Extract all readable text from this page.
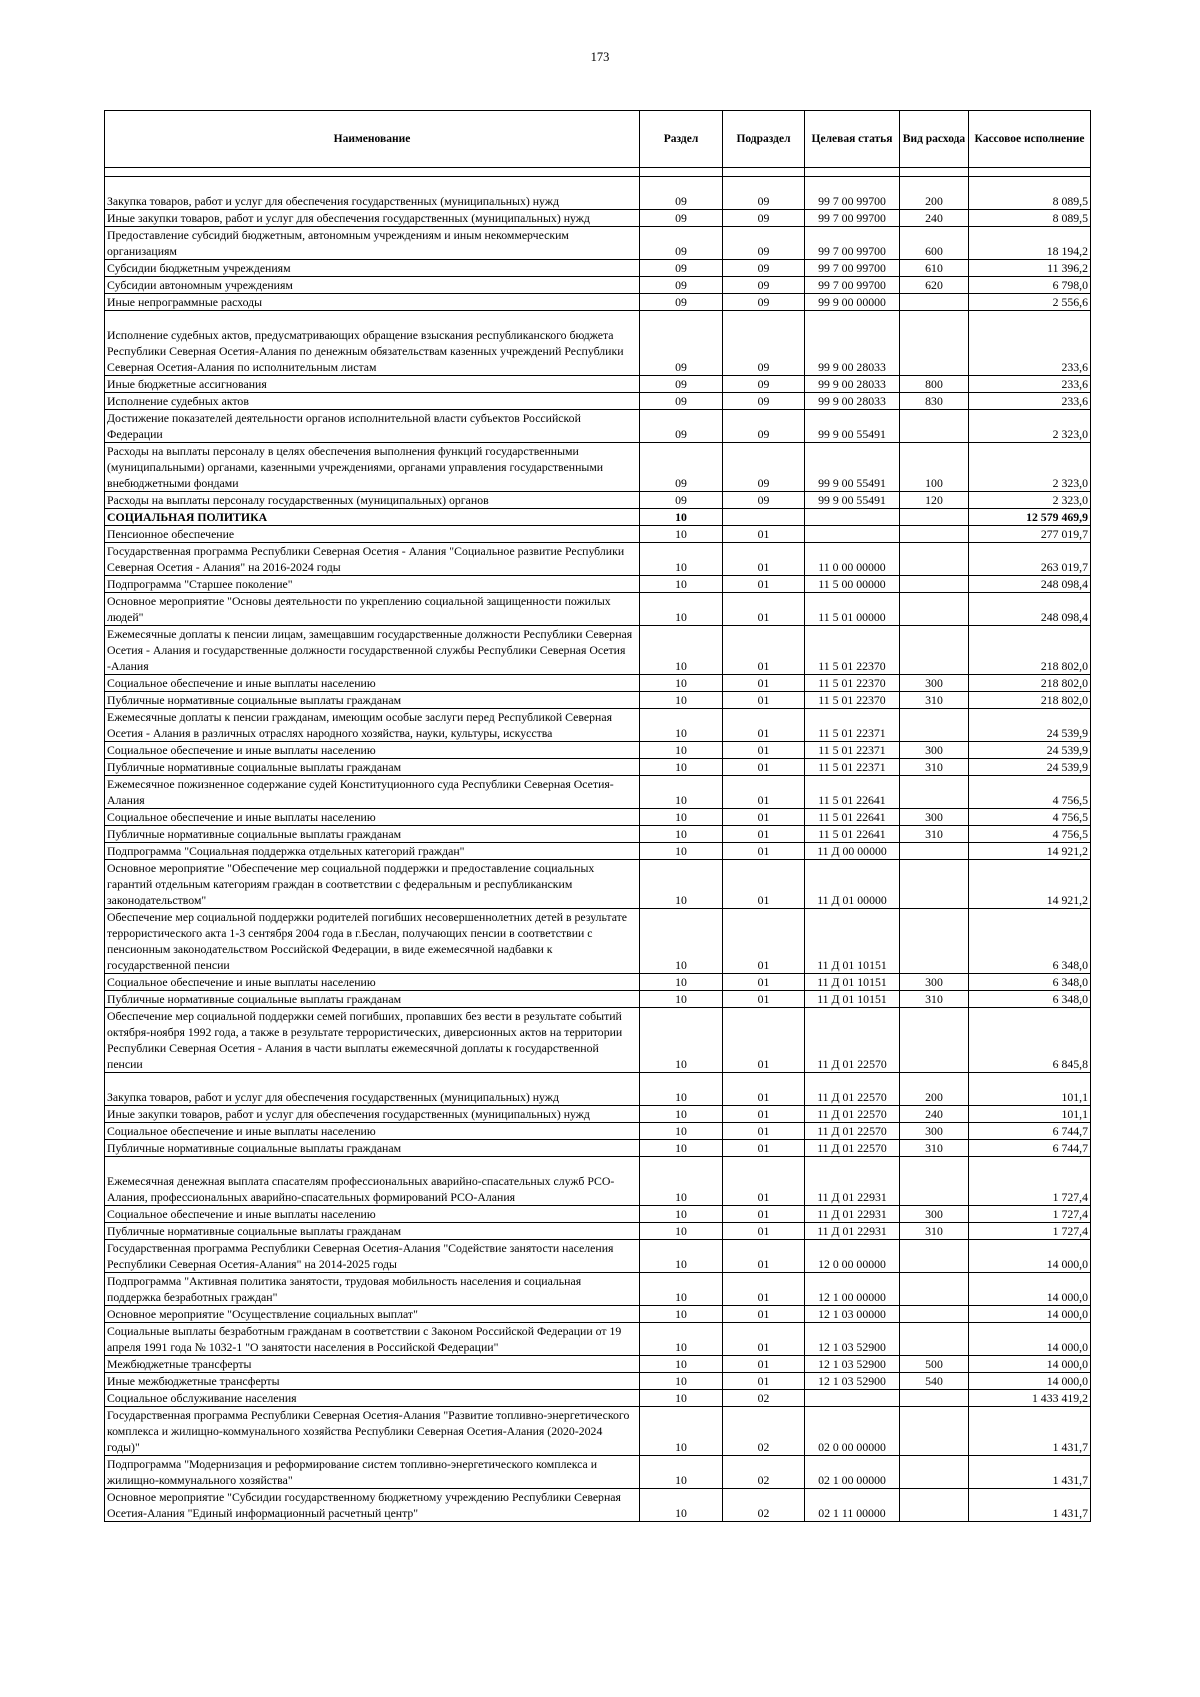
173
Наименование	Раздел	Подраздел	Целевая статья	Вид расхода	Кассовое исполнение

Закупка товаров, работ и услуг для обеспечения государственных (муниципальных) нужд	09	09	99 7 00 99700	200	8 089,5
Иные закупки товаров, работ и услуг для обеспечения государственных (муниципальных) нужд	09	09	99 7 00 99700	240	8 089,5
Предоставление субсидий бюджетным, автономным учреждениям и иным некоммерческим организациям	09	09	99 7 00 99700	600	18 194,2
Субсидии бюджетным учреждениям	09	09	99 7 00 99700	610	11 396,2
Субсидии автономным учреждениям	09	09	99 7 00 99700	620	6 798,0
Иные непрограммные расходы	09	09	99 9 00 00000		2 556,6
Исполнение судебных актов, предусматривающих обращение взыскания республиканского бюджета Республики Северная Осетия-Алания по денежным обязательствам казенных учреждений Республики Северная Осетия-Алания по исполнительным листам	09	09	99 9 00 28033		233,6
Иные бюджетные ассигнования	09	09	99 9 00 28033	800	233,6
Исполнение судебных актов	09	09	99 9 00 28033	830	233,6
Достижение показателей деятельности органов исполнительной власти субъектов Российской Федерации	09	09	99 9 00 55491		2 323,0
Расходы на выплаты персоналу в целях обеспечения выполнения функций государственными (муниципальными) органами, казенными учреждениями, органами управления государственными внебюджетными фондами	09	09	99 9 00 55491	100	2 323,0
Расходы на выплаты персоналу государственных (муниципальных) органов	09	09	99 9 00 55491	120	2 323,0
СОЦИАЛЬНАЯ ПОЛИТИКА	10				12 579 469,9
Пенсионное обеспечение	10	01			277 019,7
Государственная программа Республики Северная Осетия - Алания "Социальное развитие Республики Северная Осетия - Алания" на 2016-2024 годы	10	01	11 0 00 00000		263 019,7
Подпрограмма "Старшее поколение"	10	01	11 5 00 00000		248 098,4
Основное мероприятие "Основы деятельности по укреплению социальной защищенности пожилых людей"	10	01	11 5 01 00000		248 098,4
Ежемесячные доплаты к пенсии лицам, замещавшим государственные должности Республики Северная Осетия - Алания и государственные должности государственной службы Республики Северная Осетия -Алания	10	01	11 5 01 22370		218 802,0
Социальное обеспечение и иные выплаты населению	10	01	11 5 01 22370	300	218 802,0
Публичные нормативные социальные выплаты гражданам	10	01	11 5 01 22370	310	218 802,0
Ежемесячные доплаты к пенсии гражданам, имеющим особые заслуги перед Республикой Северная Осетия - Алания в различных отраслях народного хозяйства, науки, культуры, искусства	10	01	11 5 01 22371		24 539,9
Социальное обеспечение и иные выплаты населению	10	01	11 5 01 22371	300	24 539,9
Публичные нормативные социальные выплаты гражданам	10	01	11 5 01 22371	310	24 539,9
Ежемесячное пожизненное содержание судей Конституционного суда Республики Северная Осетия-Алания	10	01	11 5 01 22641		4 756,5
Социальное обеспечение и иные выплаты населению	10	01	11 5 01 22641	300	4 756,5
Публичные нормативные социальные выплаты гражданам	10	01	11 5 01 22641	310	4 756,5
Подпрограмма "Социальная поддержка отдельных категорий граждан"	10	01	11 Д 00 00000		14 921,2
Основное мероприятие "Обеспечение мер социальной поддержки и предоставление социальных гарантий отдельным категориям граждан в соответствии с федеральным и республиканским законодательством"	10	01	11 Д 01 00000		14 921,2
Обеспечение мер социальной поддержки родителей погибших несовершеннолетних детей в результате террористического акта 1-3 сентября 2004 года в г.Беслан, получающих пенсии в соответствии с пенсионным законодательством Российской Федерации, в виде ежемесячной надбавки к государственной пенсии	10	01	11 Д 01 10151		6 348,0
Социальное обеспечение и иные выплаты населению	10	01	11 Д 01 10151	300	6 348,0
Публичные нормативные социальные выплаты гражданам	10	01	11 Д 01 10151	310	6 348,0
Обеспечение мер социальной поддержки семей погибших, пропавших без вести в результате событий октября-ноября 1992 года, а также в результате террористических, диверсионных актов на территории Республики Северная Осетия - Алания в части выплаты ежемесячной доплаты к государственной пенсии	10	01	11 Д 01 22570		6 845,8
Закупка товаров, работ и услуг для обеспечения государственных (муниципальных) нужд	10	01	11 Д 01 22570	200	101,1
Иные закупки товаров, работ и услуг для обеспечения государственных (муниципальных) нужд	10	01	11 Д 01 22570	240	101,1
Социальное обеспечение и иные выплаты населению	10	01	11 Д 01 22570	300	6 744,7
Публичные нормативные социальные выплаты гражданам	10	01	11 Д 01 22570	310	6 744,7
Ежемесячная денежная выплата спасателям профессиональных аварийно-спасательных служб РСО-Алания, профессиональных аварийно-спасательных формирований РСО-Алания	10	01	11 Д 01 22931		1 727,4
Социальное обеспечение и иные выплаты населению	10	01	11 Д 01 22931	300	1 727,4
Публичные нормативные социальные выплаты гражданам	10	01	11 Д 01 22931	310	1 727,4
Государственная программа Республики Северная Осетия-Алания "Содействие занятости населения Республики Северная Осетия-Алания" на 2014-2025 годы	10	01	12 0 00 00000		14 000,0
Подпрограмма "Активная политика занятости, трудовая мобильность населения и социальная поддержка безработных граждан"	10	01	12 1 00 00000		14 000,0
Основное мероприятие "Осуществление социальных выплат"	10	01	12 1 03 00000		14 000,0
Социальные выплаты безработным гражданам в соответствии с Законом Российской Федерации от 19 апреля 1991 года № 1032-1 "О занятости населения в Российской Федерации"	10	01	12 1 03 52900		14 000,0
Межбюджетные трансферты	10	01	12 1 03 52900	500	14 000,0
Иные межбюджетные трансферты	10	01	12 1 03 52900	540	14 000,0
Социальное обслуживание населения	10	02			1 433 419,2
Государственная программа Республики Северная Осетия-Алания "Развитие топливно-энергетического комплекса и жилищно-коммунального хозяйства Республики Северная Осетия-Алания (2020-2024 годы)"	10	02	02 0 00 00000		1 431,7
Подпрограмма "Модернизация и реформирование систем топливно-энергетического комплекса и жилищно-коммунального хозяйства"	10	02	02 1 00 00000		1 431,7
Основное мероприятие "Субсидии государственному бюджетному учреждению Республики Северная Осетия-Алания "Единый информационный расчетный центр"	10	02	02 1 11 00000		1 431,7
